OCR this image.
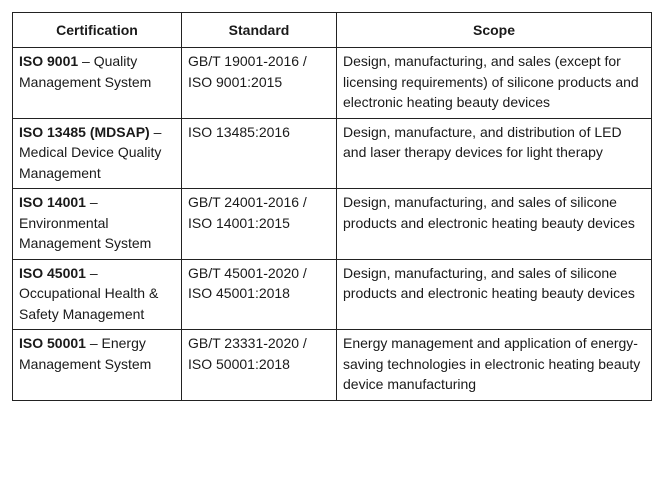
Certification	Standard	Scope
ISO 9001 – Quality Management System	GB/T 19001-2016 / ISO 9001:2015	Design, manufacturing, and sales (except for licensing requirements) of silicone products and electronic heating beauty devices
ISO 13485 (MDSAP) – Medical Device Quality Management	ISO 13485:2016	Design, manufacture, and distribution of LED and laser therapy devices for light therapy
ISO 14001 – Environmental Management System	GB/T 24001-2016 / ISO 14001:2015	Design, manufacturing, and sales of silicone products and electronic heating beauty devices
ISO 45001 – Occupational Health & Safety Management	GB/T 45001-2020 / ISO 45001:2018	Design, manufacturing, and sales of silicone products and electronic heating beauty devices
ISO 50001 – Energy Management System	GB/T 23331-2020 / ISO 50001:2018	Energy management and application of energy-saving technologies in electronic heating beauty device manufacturing
